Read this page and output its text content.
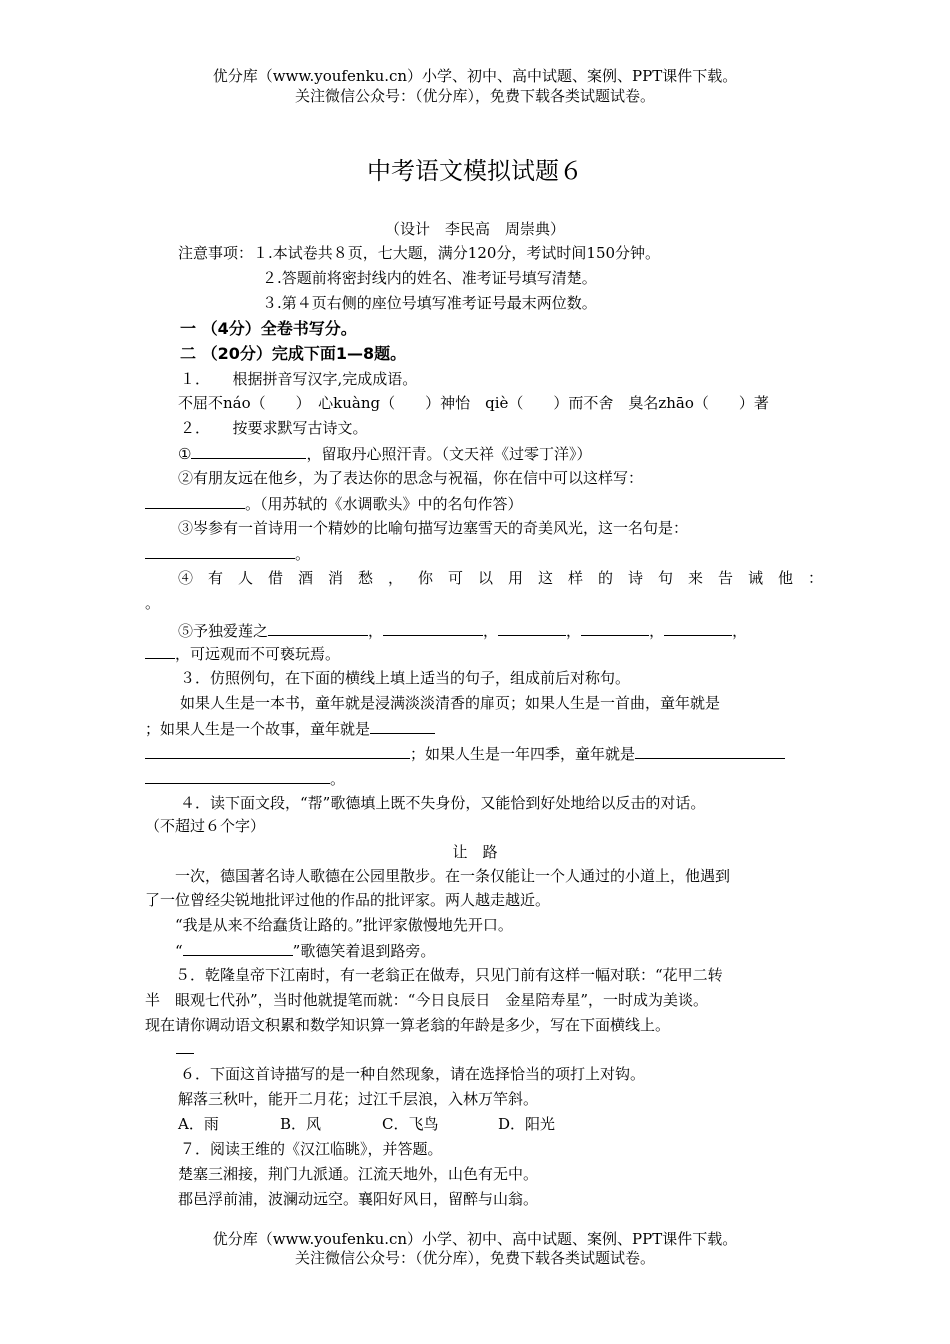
优分库（www.youfenku.cn）小学、初中、高中试题、案例、PPT课件下载。
关注微信公众号：（优分库），免费下载各类试题试卷。
中考语文模拟试题６
（设计　李民高　周崇典）
注意事项：１.本试卷共８页，七大题，满分120分，考试时间150分钟。
２.答题前将密封线内的姓名、准考证号填写清楚。
３.第４页右侧的座位号填写准考证号最末两位数。
一 （4分）全卷书写分。
二 （20分）完成下面1—8题。
１．　　根据拼音写汉字,完成成语。
不屈不náo（　　）　心kuàng（　　）神怡　qiè（　　）而不舍　臭名zhāo（　　）著
２．　　按要求默写古诗文。
①	，留取丹心照汗青。（文天祥《过零丁洋》）
②有朋友远在他乡，为了表达你的思念与祝福，你在信中可以这样写：
。（用苏轼的《水调歌头》中的名句作答）
③岑参有一首诗用一个精妙的比喻句描写边塞雪天的奇美风光，这一名句是：
。
④有人借酒消愁，你可以用这样的诗句来告诫他：
。
⑤予独爱莲之	，	，	，	，	，
，可远观而不可亵玩焉。
３．仿照例句，在下面的横线上填上适当的句子，组成前后对称句。
如果人生是一本书，童年就是浸满淡淡清香的扉页；如果人生是一首曲，童年就是
；如果人生是一个故事，童年就是
；如果人生是一年四季，童年就是
。
４．读下面文段，“帮”歌德填上既不失身份，又能恰到好处地给以反击的对话。
（不超过６个字）
让　路
一次，德国著名诗人歌德在公园里散步。在一条仅能让一个人通过的小道上，他遇到
了一位曾经尖锐地批评过他的作品的批评家。两人越走越近。
“我是从来不给蠢货让路的。”批评家傲慢地先开口。
“	”歌德笑着退到路旁。
５．乾隆皇帝下江南时，有一老翁正在做寿，只见门前有这样一幅对联：“花甲二转
半　眼观七代孙”，当时他就提笔而就：“今日良辰日　金星陪寿星”，一时成为美谈。
现在请你调动语文积累和数学知识算一算老翁的年龄是多少，写在下面横线上。
６．下面这首诗描写的是一种自然现象，请在选择恰当的项打上对钩。
解落三秋叶，能开二月花；过江千层浪，入林万竿斜。
A．雨	B．风	C．飞鸟	D．阳光
７．阅读王维的《汉江临眺》，并答题。
楚塞三湘接，荆门九派通。江流天地外，山色有无中。
郡邑浮前浦，波澜动远空。襄阳好风日，留醉与山翁。
优分库（www.youfenku.cn）小学、初中、高中试题、案例、PPT课件下载。
关注微信公众号：（优分库），免费下载各类试题试卷。
